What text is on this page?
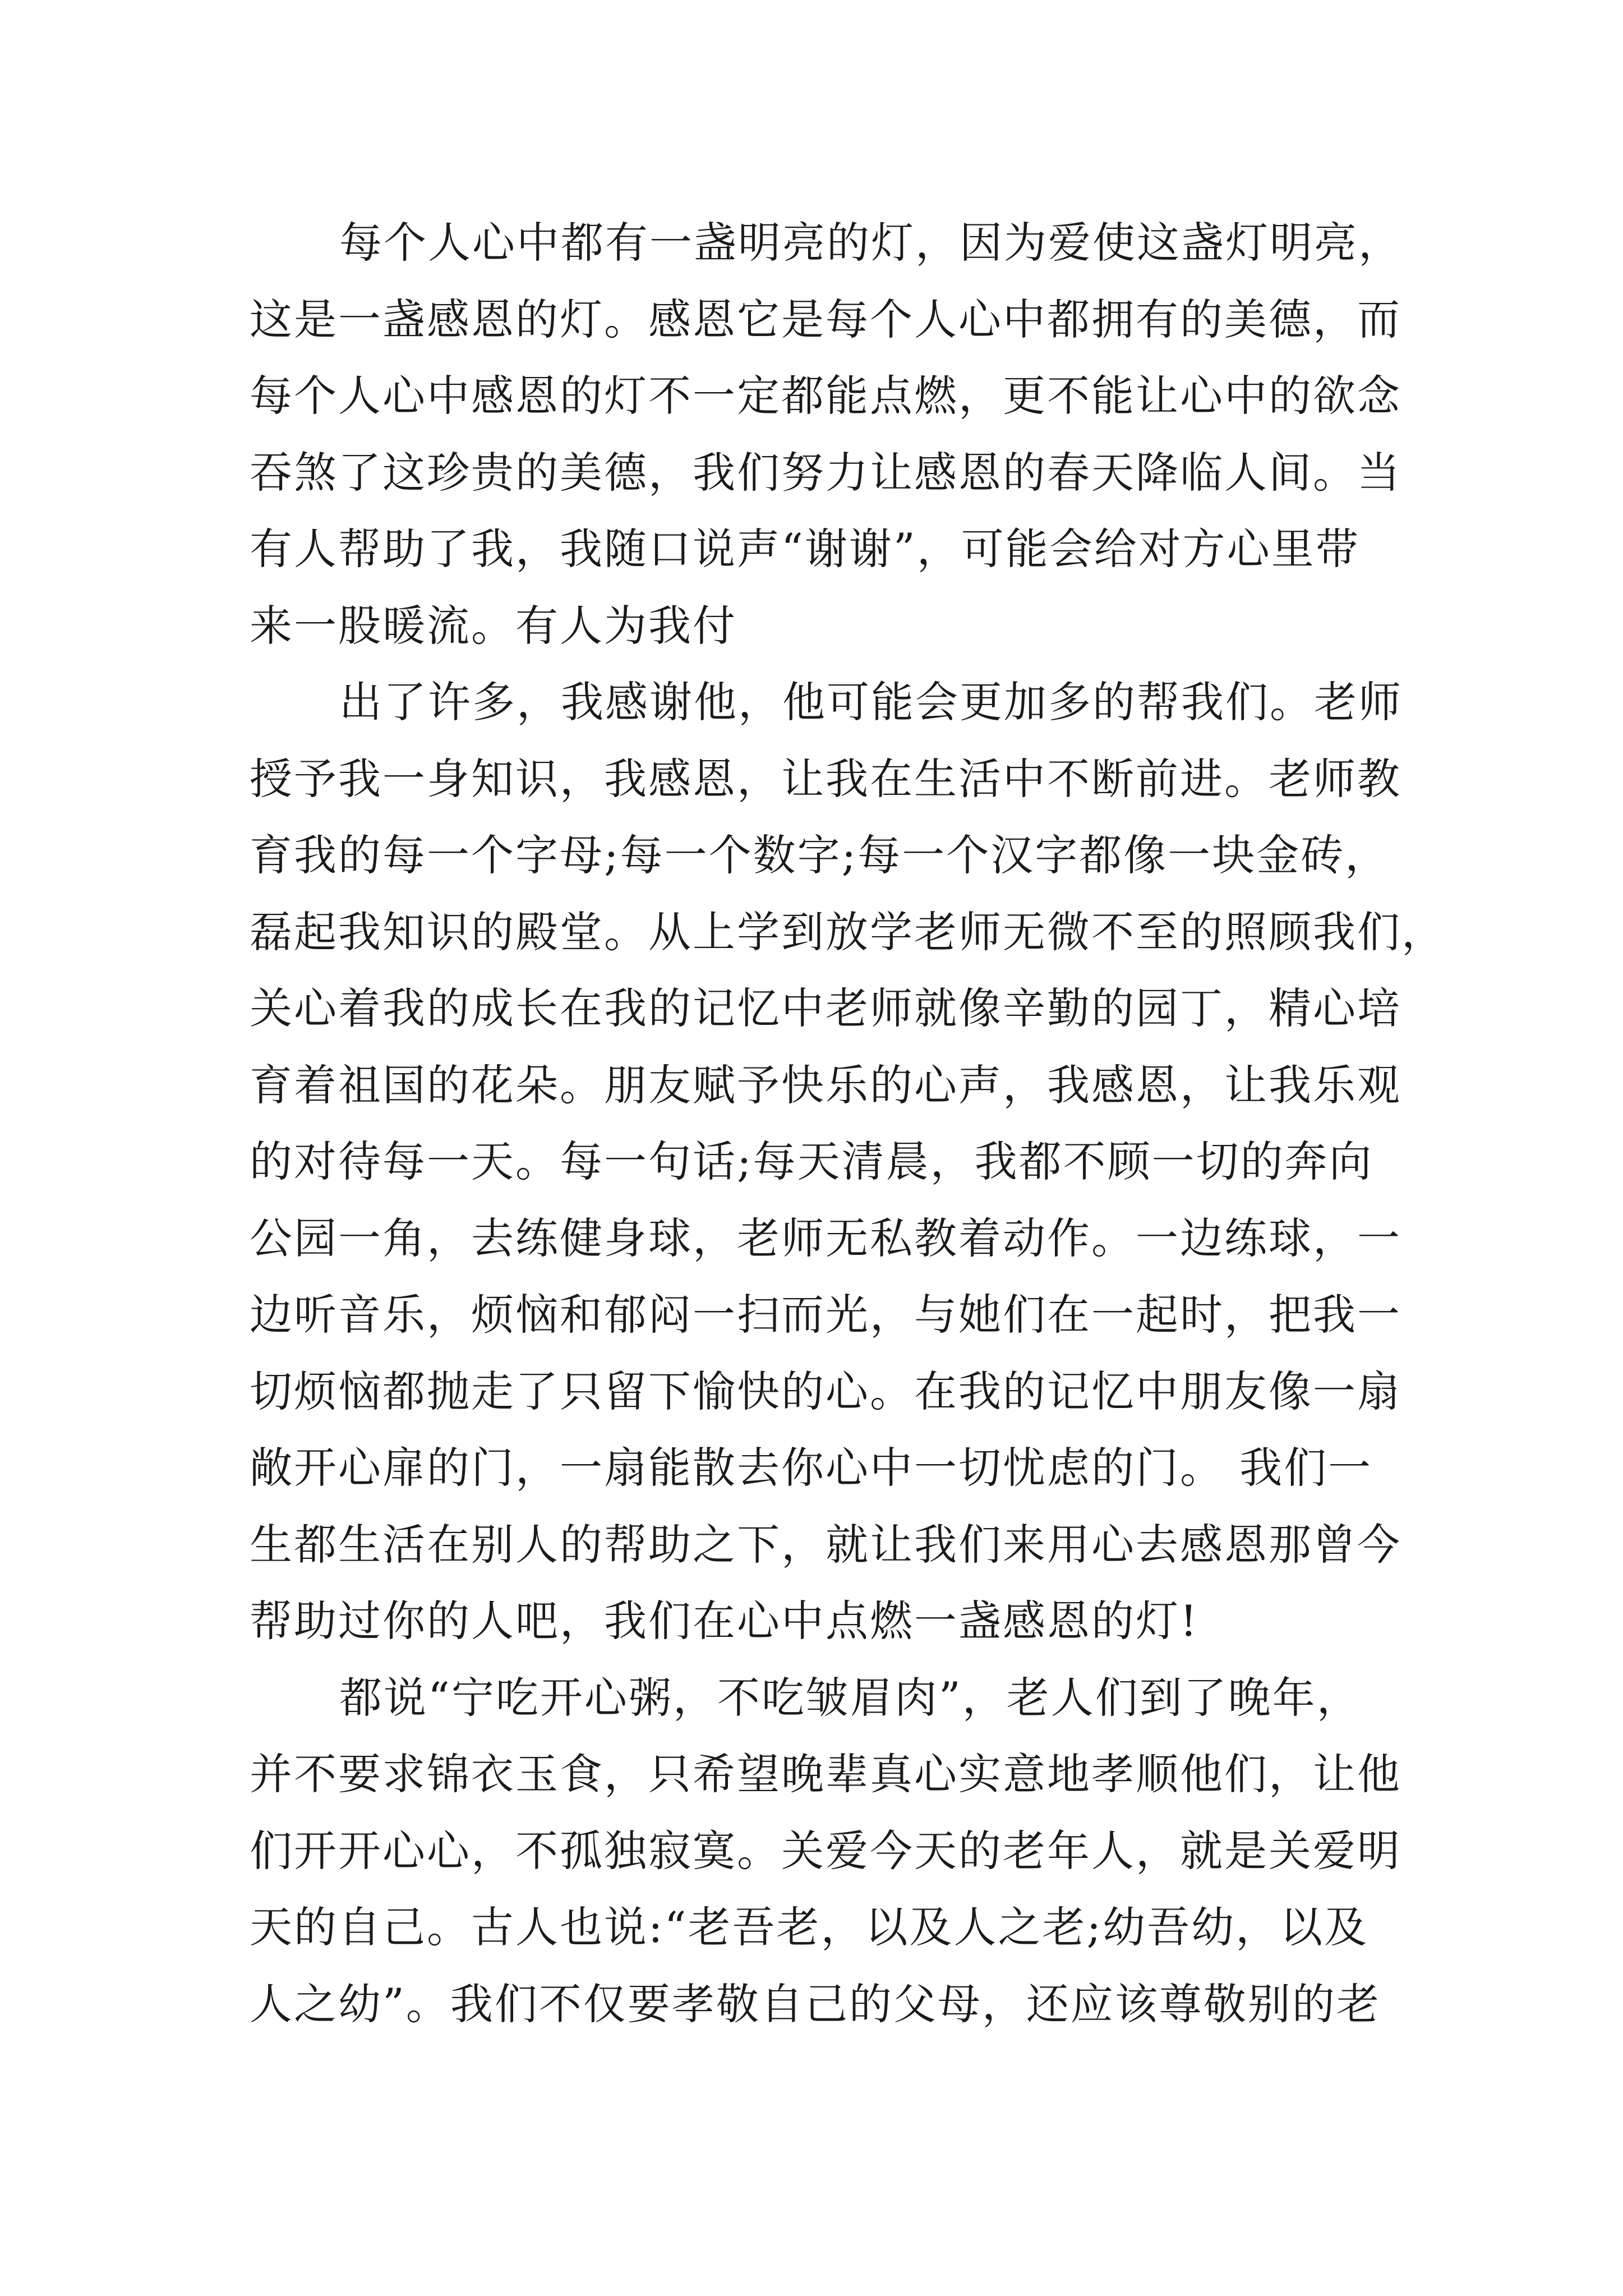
每个人心中都有一盏明亮的灯，因为爱使这盏灯明亮，
这是一盏感恩的灯。感恩它是每个人心中都拥有的美德，而
每个人心中感恩的灯不一定都能点燃，更不能让心中的欲念
吞煞了这珍贵的美德，我们努力让感恩的春天降临人间。当
有人帮助了我，我随口说声“谢谢”，可能会给对方心里带
来一股暖流。有人为我付
出了许多，我感谢他，他可能会更加多的帮我们。老师
授予我一身知识，我感恩，让我在生活中不断前进。老师教
育我的每一个字母;每一个数字;每一个汉字都像一块金砖，
磊起我知识的殿堂。从上学到放学老师无微不至的照顾我们，
关心着我的成长在我的记忆中老师就像辛勤的园丁，精心培
育着祖国的花朵。朋友赋予快乐的心声，我感恩，让我乐观
的对待每一天。每一句话;每天清晨，我都不顾一切的奔向
公园一角，去练健身球，老师无私教着动作。一边练球，一
边听音乐，烦恼和郁闷一扫而光，与她们在一起时，把我一
切烦恼都抛走了只留下愉快的心。在我的记忆中朋友像一扇
敞开心扉的门，一扇能散去你心中一切忧虑的门。 我们一
生都生活在别人的帮助之下，就让我们来用心去感恩那曾今
帮助过你的人吧，我们在心中点燃一盏感恩的灯!
都说“宁吃开心粥，不吃皱眉肉”，老人们到了晚年，
并不要求锦衣玉食，只希望晚辈真心实意地孝顺他们，让他
们开开心心，不孤独寂寞。关爱今天的老年人，就是关爱明
天的自己。古人也说:“老吾老，以及人之老;幼吾幼，以及
人之幼”。我们不仅要孝敬自己的父母，还应该尊敬别的老
